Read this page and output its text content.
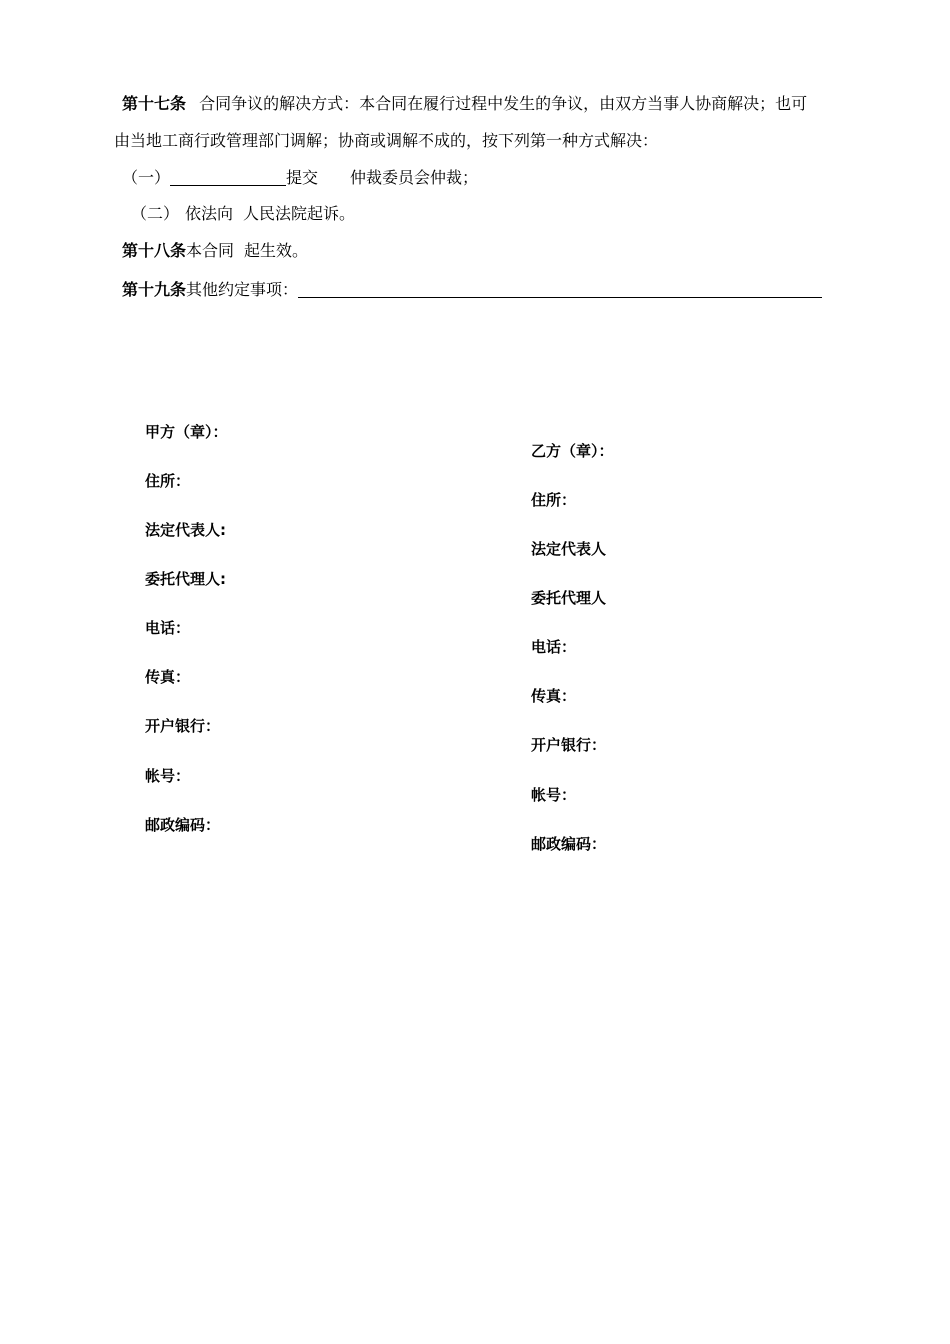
第十七条 合同争议的解决方式：本合同在履行过程中发生的争议，由双方当事人协商解决；也可
由当地工商行政管理部门调解；协商或调解不成的，按下列第一种方式解决：
（一）	提交 仲裁委员会仲裁；
（二） 依法向 人民法院起诉。
第十八条本合同 起生效。
第十九条其他约定事项：
甲方（章）：
住所：
法定代表人:
委托代理人:
电话：
传真：
开户银行：
帐号：
邮政编码：
乙方（章）：
住所：
法定代表人
委托代理人
电话：
传真：
开户银行：
帐号：
邮政编码：
